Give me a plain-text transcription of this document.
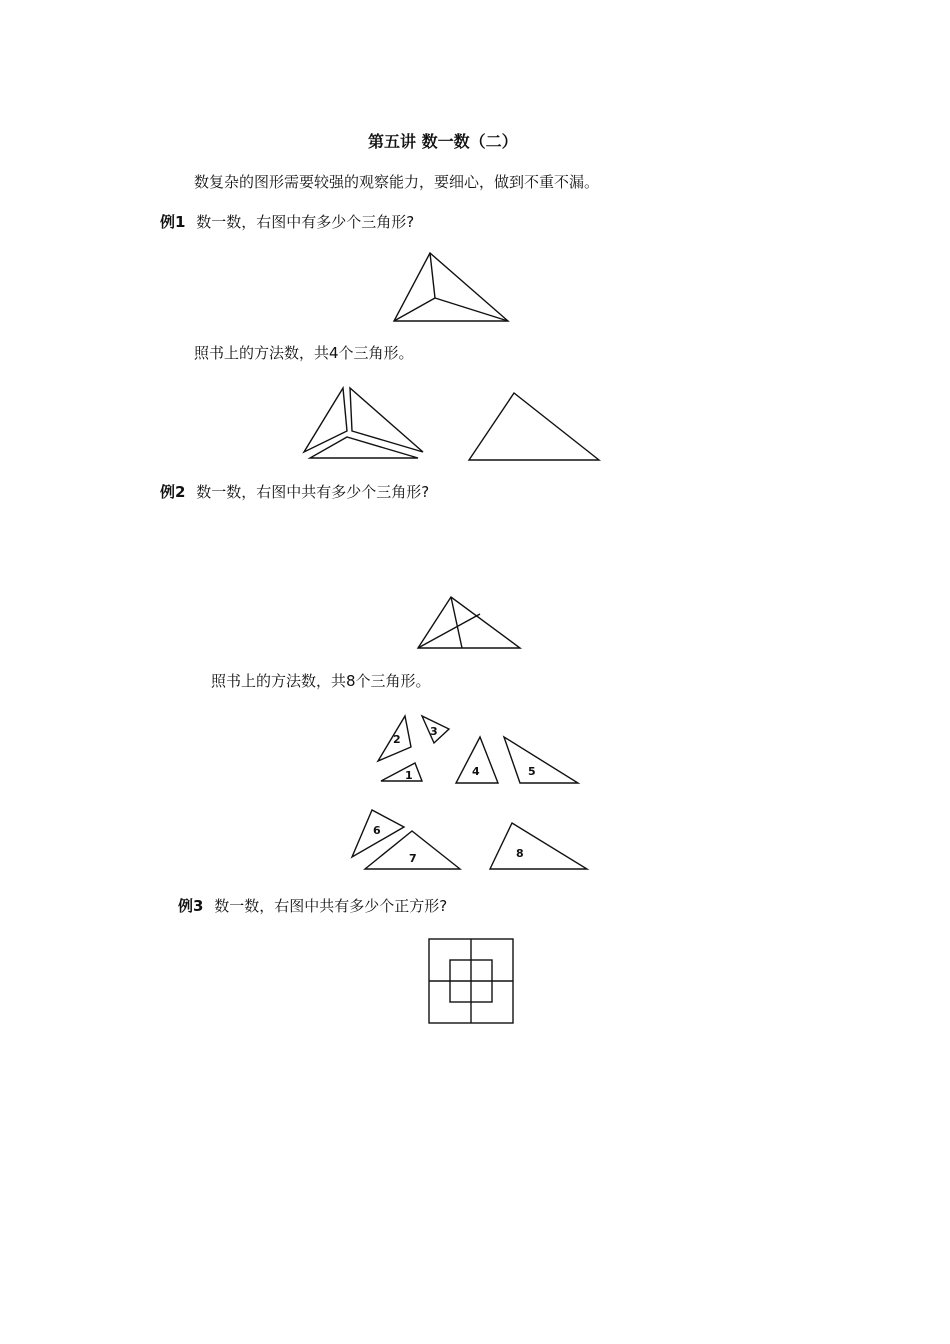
第五讲 数一数（二）
数复杂的图形需要较强的观察能力，要细心，做到不重不漏。
例1 数一数，右图中有多少个三角形?
照书上的方法数，共4个三角形。
例2 数一数，右图中共有多少个三角形?
照书上的方法数，共8个三角形。
1
2
3
4	5
6
7	8
例3 数一数，右图中共有多少个正方形?
